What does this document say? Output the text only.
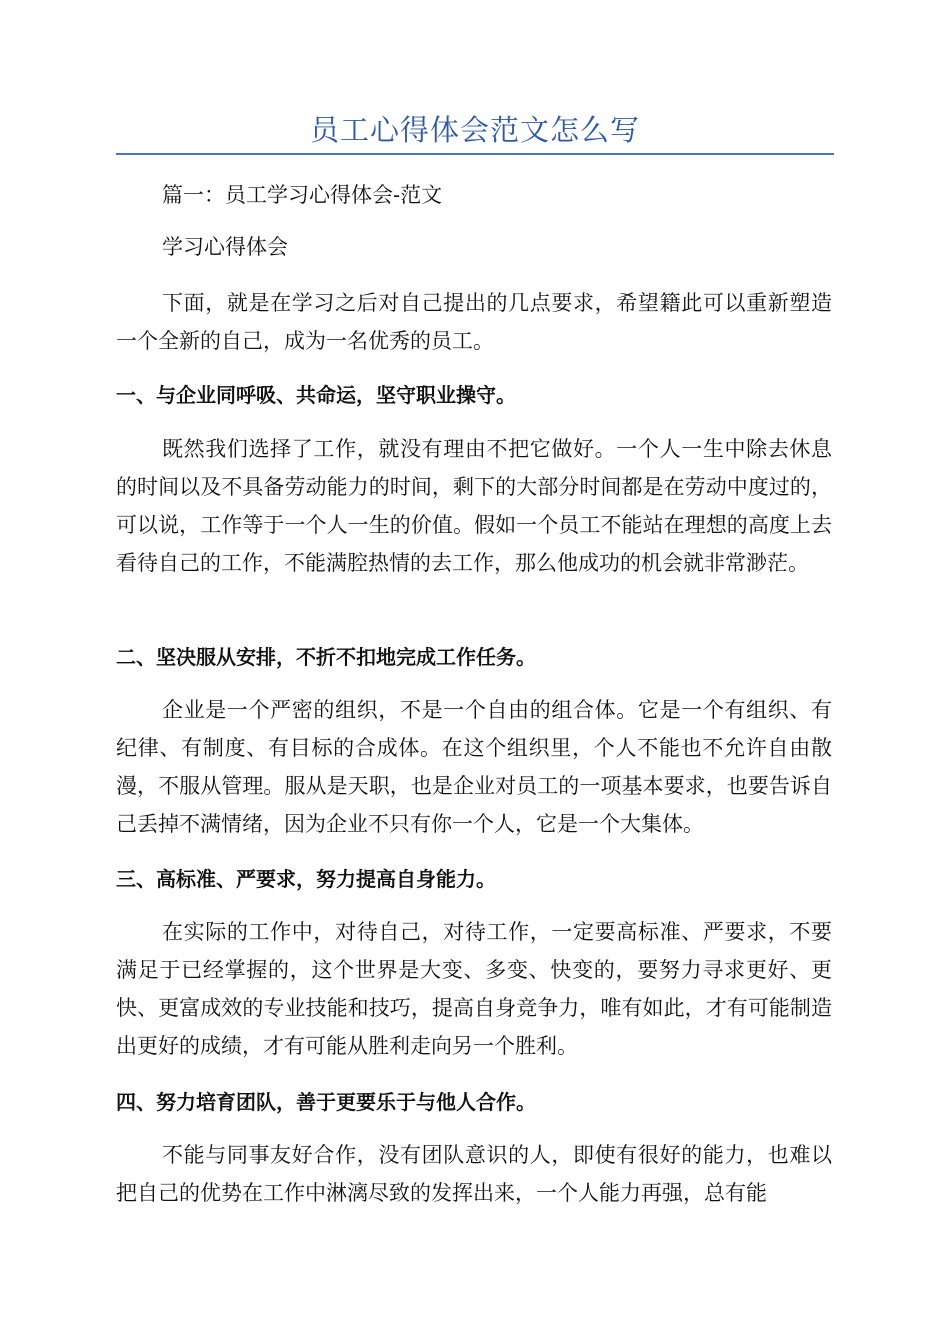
员工心得体会范文怎么写

篇一：员工学习心得体会-范文

学习心得体会

下面，就是在学习之后对自己提出的几点要求，希望籍此可以重新塑造一个全新的自己，成为一名优秀的员工。

一、与企业同呼吸、共命运，坚守职业操守。

既然我们选择了工作，就没有理由不把它做好。一个人一生中除去休息的时间以及不具备劳动能力的时间，剩下的大部分时间都是在劳动中度过的，可以说，工作等于一个人一生的价值。假如一个员工不能站在理想的高度上去看待自己的工作，不能满腔热情的去工作，那么他成功的机会就非常渺茫。

二、坚决服从安排，不折不扣地完成工作任务。

企业是一个严密的组织，不是一个自由的组合体。它是一个有组织、有纪律、有制度、有目标的合成体。在这个组织里，个人不能也不允许自由散漫，不服从管理。服从是天职，也是企业对员工的一项基本要求，也要告诉自己丢掉不满情绪，因为企业不只有你一个人，它是一个大集体。

三、高标准、严要求，努力提高自身能力。

在实际的工作中，对待自己，对待工作，一定要高标准、严要求，不要满足于已经掌握的，这个世界是大变、多变、快变的，要努力寻求更好、更快、更富成效的专业技能和技巧，提高自身竞争力，唯有如此，才有可能制造出更好的成绩，才有可能从胜利走向另一个胜利。

四、努力培育团队，善于更要乐于与他人合作。

不能与同事友好合作，没有团队意识的人，即使有很好的能力，也难以把自己的优势在工作中淋漓尽致的发挥出来，一个人能力再强，总有能
